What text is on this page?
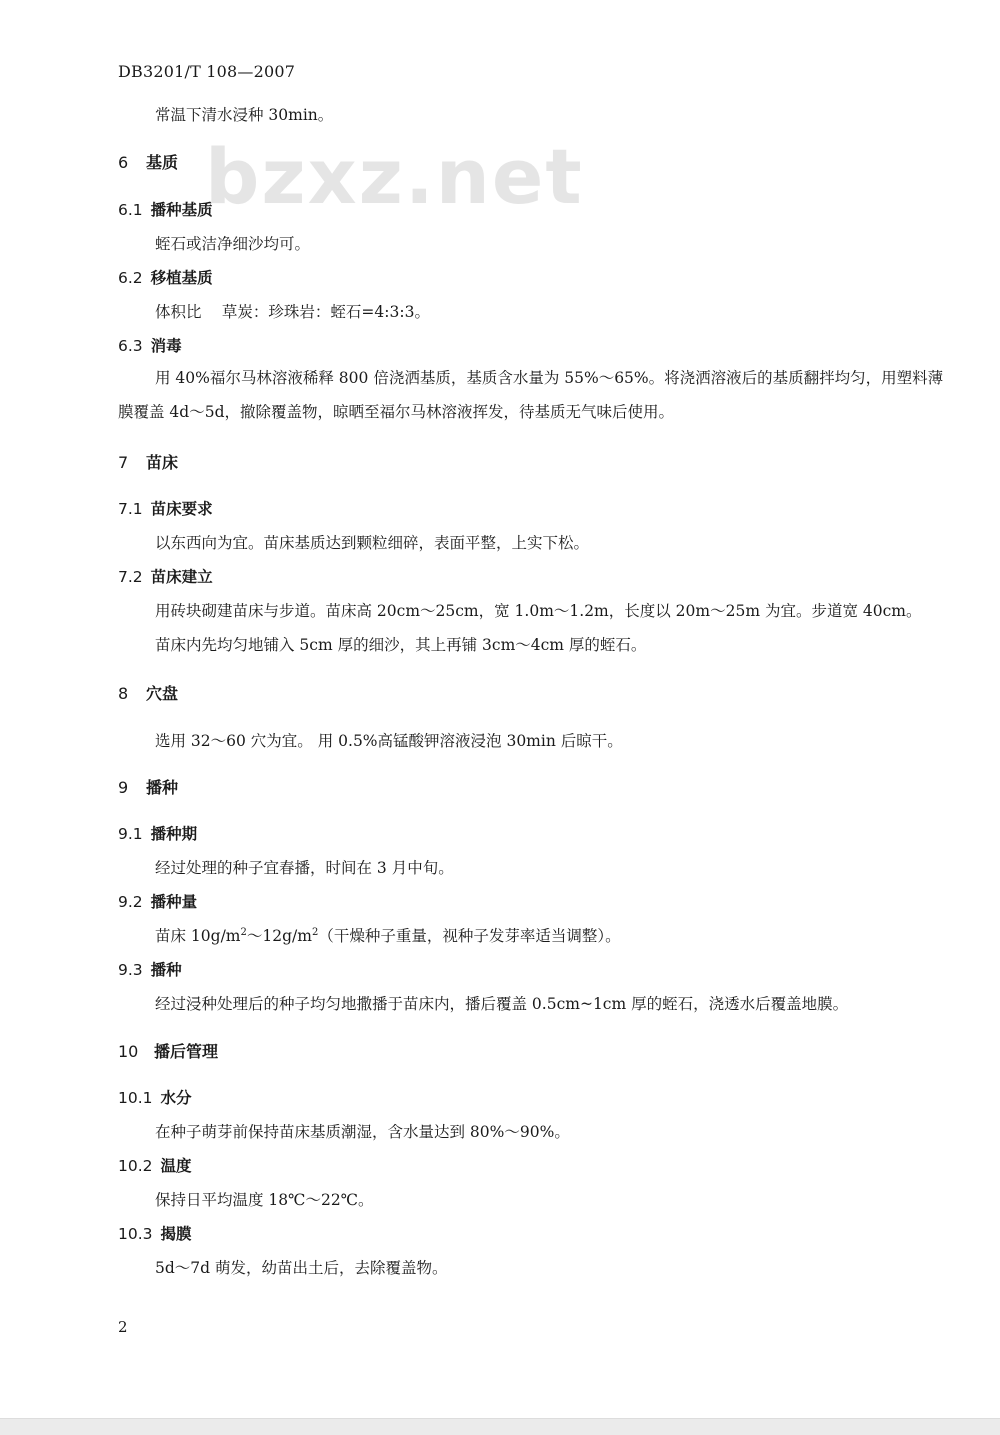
DB3201/T 108—2007
bzxz.net
常温下清水浸种 30min。
6 基质
6.1 播种基质
蛭石或洁净细沙均可。
6.2 移植基质
体积比　 草炭：珍珠岩：蛭石=4:3:3。
6.3 消毒
用 40%福尔马林溶液稀释 800 倍浇洒基质，基质含水量为 55%～65%。将浇洒溶液后的基质翻拌均匀，用塑料薄膜覆盖 4d～5d，撤除覆盖物，晾晒至福尔马林溶液挥发，待基质无气味后使用。
7 苗床
7.1 苗床要求
以东西向为宜。苗床基质达到颗粒细碎，表面平整，上实下松。
7.2 苗床建立
用砖块砌建苗床与步道。苗床高 20cm～25cm，宽 1.0m～1.2m，长度以 20m～25m 为宜。步道宽 40cm。
苗床内先均匀地铺入 5cm 厚的细沙，其上再铺 3cm～4cm 厚的蛭石。
8 穴盘
选用 32～60 穴为宜。 用 0.5%高锰酸钾溶液浸泡 30min 后晾干。
9 播种
9.1 播种期
经过处理的种子宜春播，时间在 3 月中旬。
9.2 播种量
苗床 $10g/m^2\sim 12g/m^2$（干燥种子重量，视种子发芽率适当调整）。
9.3 播种
经过浸种处理后的种子均匀地撒播于苗床内，播后覆盖 0.5cm~1cm 厚的蛭石，浇透水后覆盖地膜。
10 播后管理
10.1 水分
在种子萌芽前保持苗床基质潮湿，含水量达到 80%～90%。
10.2 温度
保持日平均温度 18℃～22℃。
10.3 揭膜
5d～7d 萌发，幼苗出土后，去除覆盖物。
2
